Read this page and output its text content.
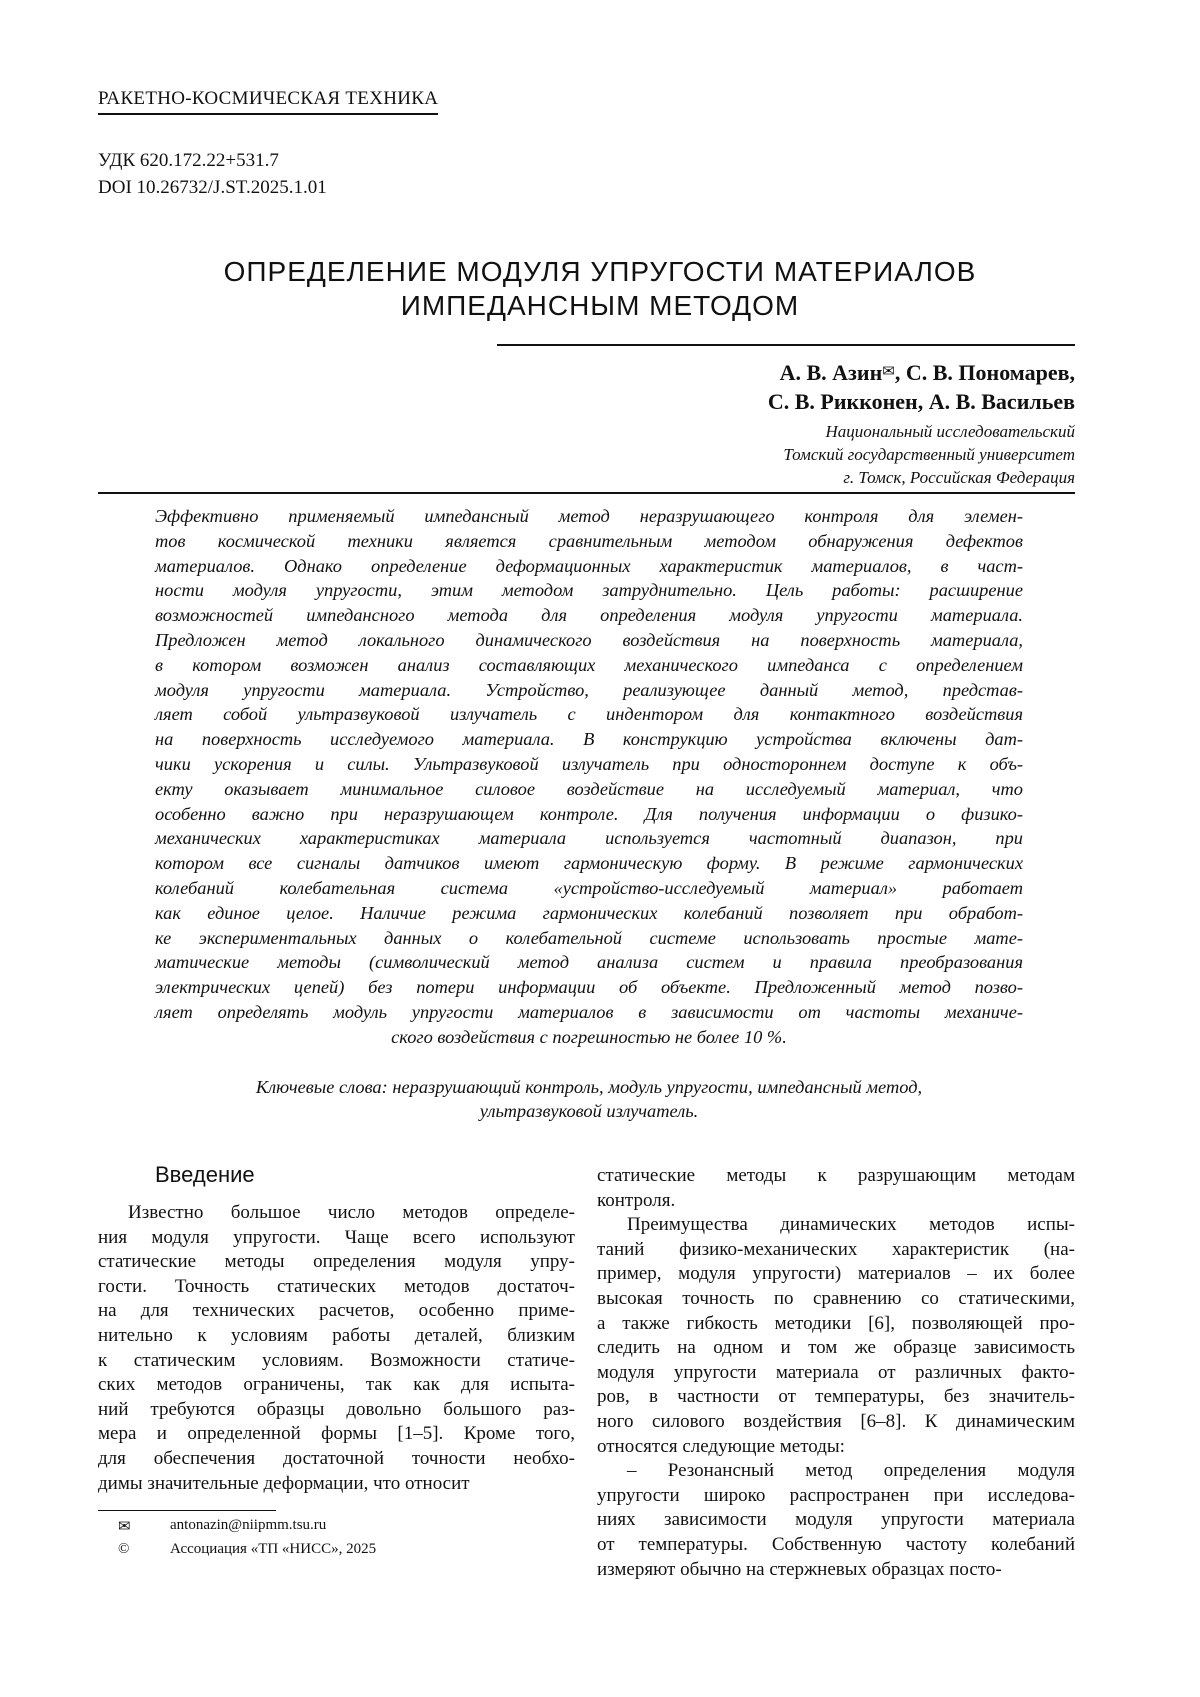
РАКЕТНО-КОСМИЧЕСКАЯ ТЕХНИКА
УДК 620.172.22+531.7
DOI 10.26732/J.ST.2025.1.01
ОПРЕДЕЛЕНИЕ МОДУЛЯ УПРУГОСТИ МАТЕРИАЛОВ
ИМПЕДАНСНЫМ МЕТОДОМ
А. В. Азин✉, С. В. Пономарев,
С. В. Рикконен, А. В. Васильев
Национальный исследовательский
Томский государственный университет
г. Томск, Российская Федерация
Эффективно применяемый импедансный метод неразрушающего контроля для элемен-
тов космической техники является сравнительным методом обнаружения дефектов
материалов. Однако определение деформационных характеристик материалов, в част-
ности модуля упругости, этим методом затруднительно. Цель работы: расширение
возможностей импедансного метода для определения модуля упругости материала.
Предложен метод локального динамического воздействия на поверхность материала,
в котором возможен анализ составляющих механического импеданса с определением
модуля упругости материала. Устройство, реализующее данный метод, представ-
ляет собой ультразвуковой излучатель с индентором для контактного воздействия
на поверхность исследуемого материала. В конструкцию устройства включены дат-
чики ускорения и силы. Ультразвуковой излучатель при одностороннем доступе к объ-
екту оказывает минимальное силовое воздействие на исследуемый материал, что
особенно важно при неразрушающем контроле. Для получения информации о физико-
механических характеристиках материала используется частотный диапазон, при
котором все сигналы датчиков имеют гармоническую форму. В режиме гармонических
колебаний колебательная система «устройство-исследуемый материал» работает
как единое целое. Наличие режима гармонических колебаний позволяет при обработ-
ке экспериментальных данных о колебательной системе использовать простые мате-
матические методы (символический метод анализа систем и правила преобразования
электрических цепей) без потери информации об объекте. Предложенный метод позво-
ляет определять модуль упругости материалов в зависимости от частоты механиче-
ского воздействия с погрешностью не более 10 %.
Ключевые слова: неразрушающий контроль, модуль упругости, импедансный метод,
ультразвуковой излучатель.
Введение
Известно большое число методов определе-
ния модуля упругости. Чаще всего используют
статические методы определения модуля упру-
гости. Точность статических методов достаточ-
на для технических расчетов, особенно приме-
нительно к условиям работы деталей, близким
к статическим условиям. Возможности статиче-
ских методов ограничены, так как для испыта-
ний требуются образцы довольно большого раз-
мера и определенной формы [1–5]. Кроме того,
для обеспечения достаточной точности необхо-
димы значительные деформации, что относит
статические методы к разрушающим методам
контроля.
Преимущества динамических методов испы-
таний физико-механических характеристик (на-
пример, модуля упругости) материалов – их более
высокая точность по сравнению со статическими,
а также гибкость методики [6], позволяющей про-
следить на одном и том же образце зависимость
модуля упругости материала от различных факто-
ров, в частности от температуры, без значитель-
ного силового воздействия [6–8]. К динамическим
относятся следующие методы:
– Резонансный метод определения модуля
упругости широко распространен при исследова-
ниях зависимости модуля упругости материала
от температуры. Собственную частоту колебаний
измеряют обычно на стержневых образцах посто-
✉	antonazin@niipmm.tsu.ru
©	Ассоциация «ТП «НИСС», 2025
